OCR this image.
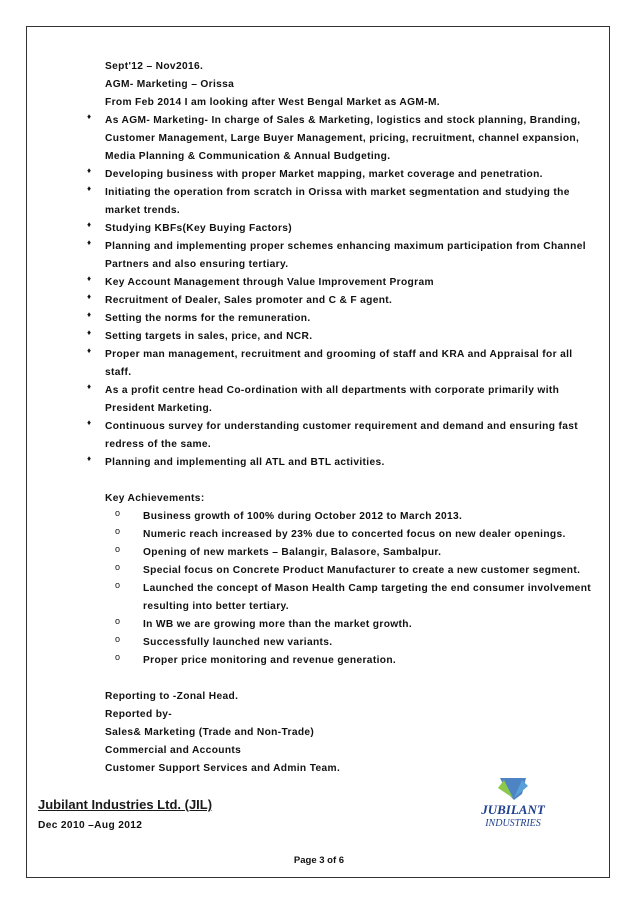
Sept'12 – Nov2016.
AGM- Marketing – Orissa
From Feb 2014 I am looking after West Bengal Market as AGM-M.
♦ As AGM- Marketing- In charge of Sales & Marketing, logistics and stock planning, Branding,
Customer Management, Large Buyer Management, pricing, recruitment, channel expansion,
Media Planning & Communication & Annual Budgeting.
♦ Developing business with proper Market mapping, market coverage and penetration.
♦ Initiating the operation from scratch in Orissa with market segmentation and studying the
market trends.
♦ Studying KBFs(Key Buying Factors)
♦ Planning and implementing proper schemes enhancing maximum participation from Channel
Partners and also ensuring tertiary.
♦ Key Account Management through Value Improvement Program
♦ Recruitment of Dealer, Sales promoter and C & F agent.
♦ Setting the norms for the remuneration.
♦ Setting targets in sales, price, and NCR.
♦ Proper man management, recruitment and grooming of staff and KRA and Appraisal for all
staff.
♦ As a profit centre head Co-ordination with all departments with corporate primarily with
President Marketing.
♦ Continuous survey for understanding customer requirement and demand and ensuring fast
redress of the same.
♦ Planning and implementing all ATL and BTL activities.
Key Achievements:
o Business growth of 100% during October 2012 to March 2013.
o Numeric reach increased by 23% due to concerted focus on new dealer openings.
o Opening of new markets – Balangir, Balasore, Sambalpur.
o Special focus on Concrete Product Manufacturer to create a new customer segment.
o Launched the concept of Mason Health Camp targeting the end consumer involvement
resulting into better tertiary.
o In WB we are growing more than the market growth.
o Successfully launched new variants.
o Proper price monitoring and revenue generation.
Reporting to -Zonal Head.
Reported by-
Sales& Marketing (Trade and Non-Trade)
Commercial and Accounts
Customer Support Services and Admin Team.
Jubilant Industries Ltd. (JIL)
Dec 2010 –Aug 2012
JUBILANT
INDUSTRIES
Page 3 of 6
